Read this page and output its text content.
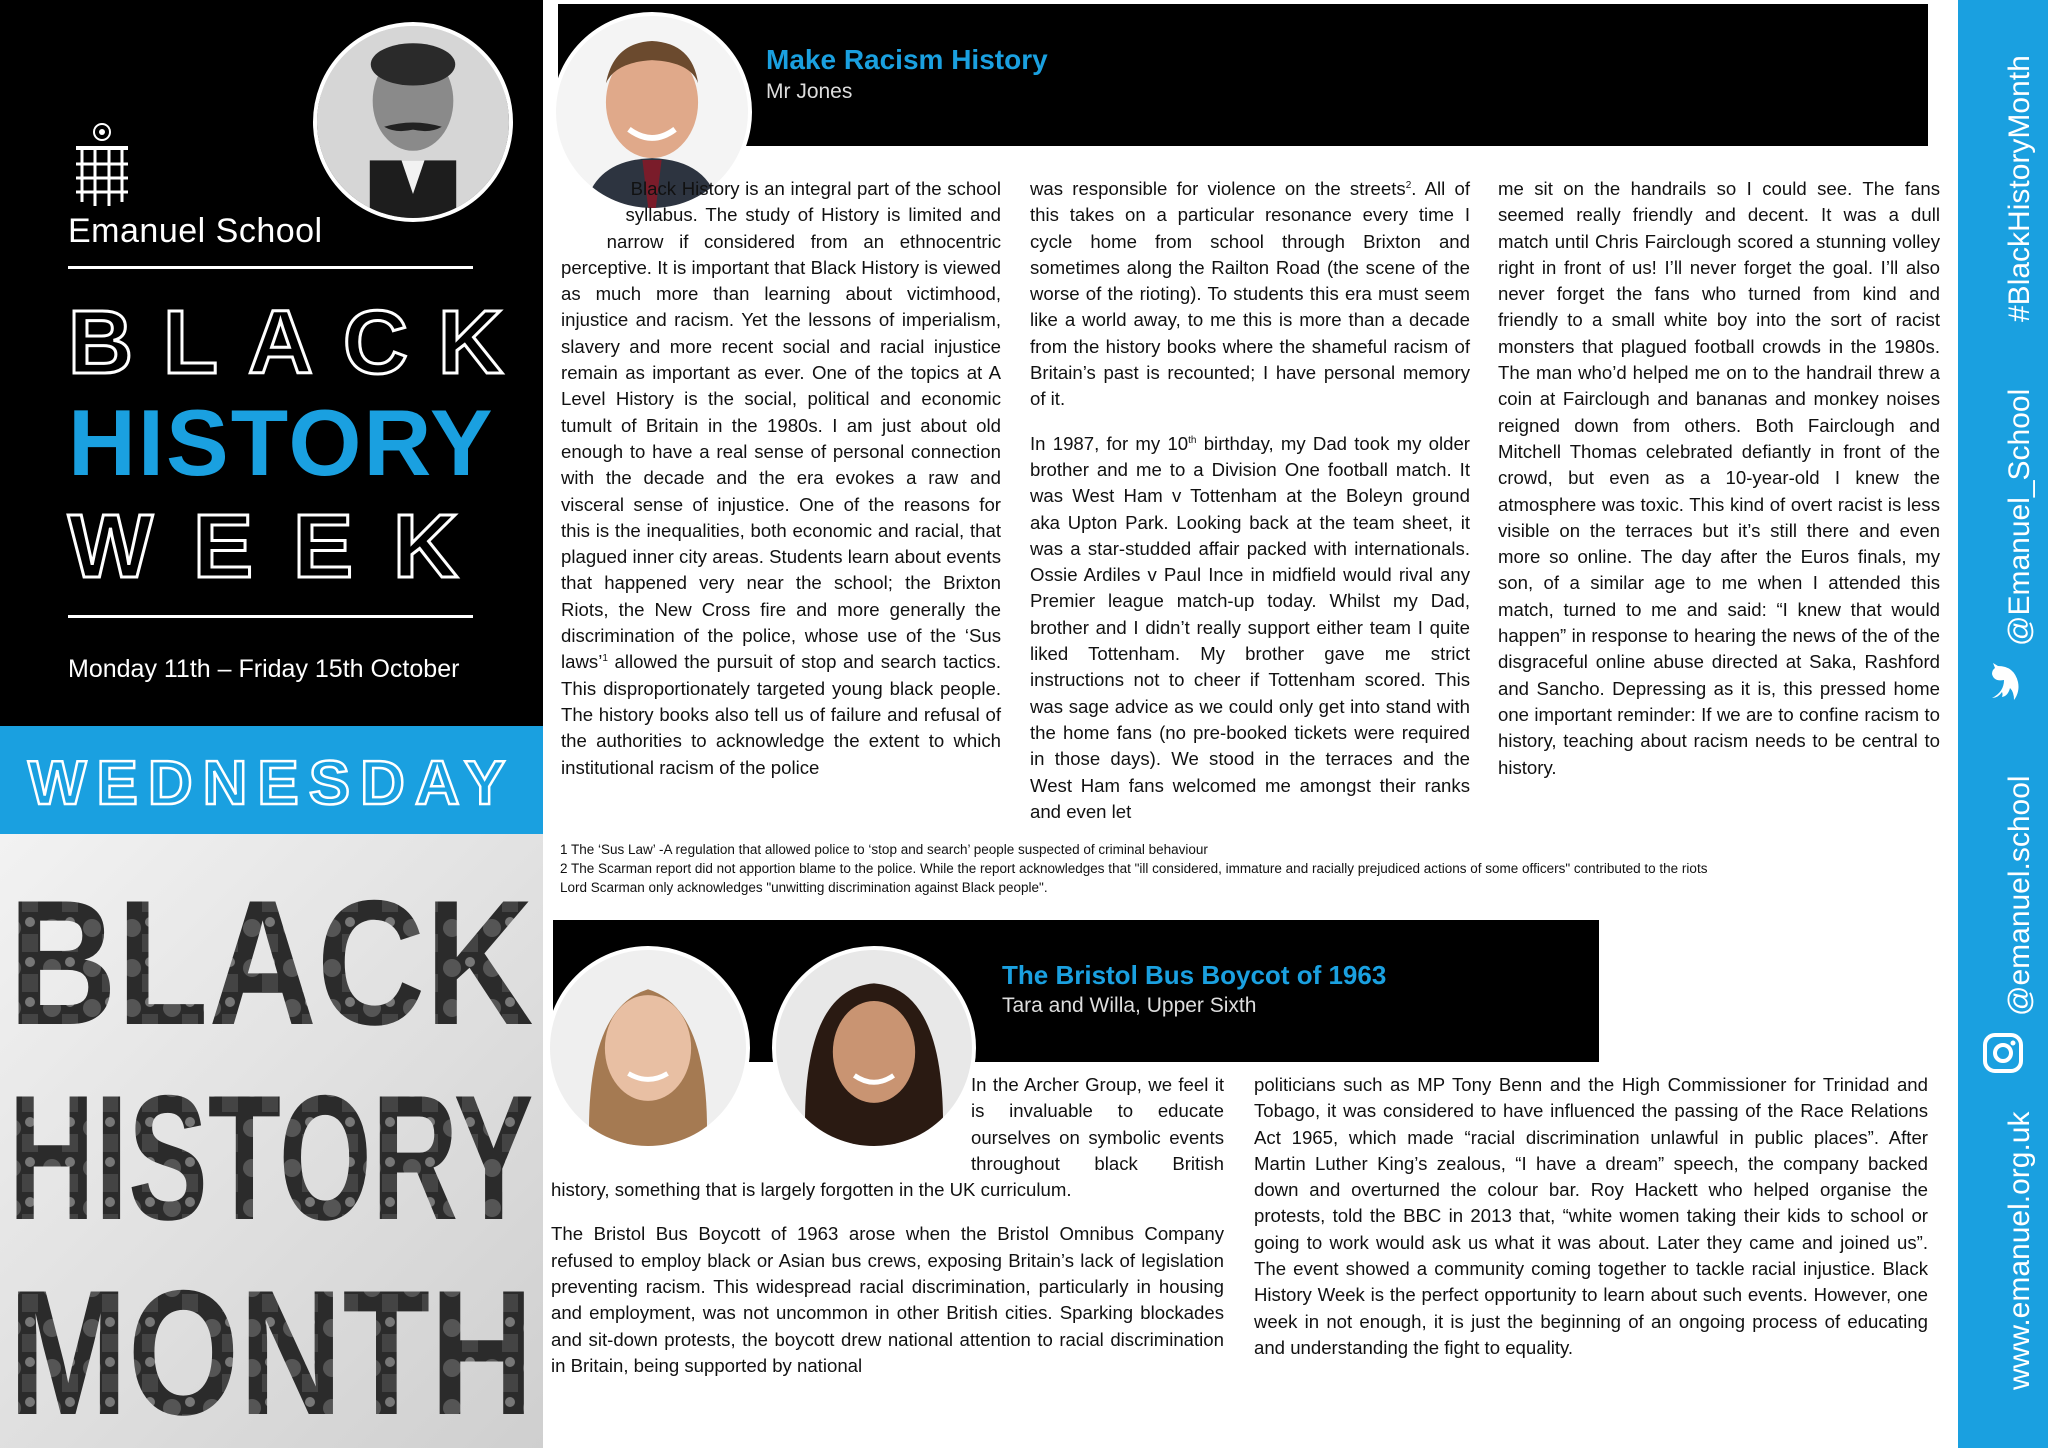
Emanuel School
BLACK
HISTORY
WEEK
Monday 11th – Friday 15th October
WEDNESDAY
BLACK
HISTORY
MONTH
Make Racism History
Mr Jones
Black History is an integral part of the school syllabus. The study of History is limited and narrow if considered from an ethnocentric perceptive. It is important that Black History is viewed as much more than learning about victimhood, injustice and racism. Yet the lessons of imperialism, slavery and more recent social and racial injustice remain as important as ever. One of the topics at A Level History is the social, political and economic tumult of Britain in the 1980s. I am just about old enough to have a real sense of personal connection with the decade and the era evokes a raw and visceral sense of injustice. One of the reasons for this is the inequalities, both economic and racial, that plagued inner city areas. Students learn about events that happened very near the school; the Brixton Riots, the New Cross fire and more generally the discrimination of the police, whose use of the ‘Sus laws’$^1$ allowed the pursuit of stop and search tactics. This disproportionately targeted young black people. The history books also tell us of failure and refusal of the authorities to acknowledge the extent to which institutional racism of the police

was responsible for violence on the streets$^2$. All of this takes on a particular resonance every time I cycle home from school through Brixton and sometimes along the Railton Road (the scene of the worse of the rioting). To students this era must seem like a world away, to me this is more than a decade from the history books where the shameful racism of Britain’s past is recounted; I have personal memory of it.

In 1987, for my 10th birthday, my Dad took my older brother and me to a Division One football match. It was West Ham v Tottenham at the Boleyn ground aka Upton Park. Looking back at the team sheet, it was a star-studded affair packed with internationals. Ossie Ardiles v Paul Ince in midfield would rival any Premier league match-up today. Whilst my Dad, brother and I didn’t really support either team I quite liked Tottenham. My brother gave me strict instructions not to cheer if Tottenham scored. This was sage advice as we could only get into stand with the home fans (no pre-booked tickets were required in those days). We stood in the terraces and the West Ham fans welcomed me amongst their ranks and even let

me sit on the handrails so I could see. The fans seemed really friendly and decent. It was a dull match until Chris Fairclough scored a stunning volley right in front of us! I’ll never forget the goal. I’ll also never forget the fans who turned from kind and friendly to a small white boy into the sort of racist monsters that plagued football crowds in the 1980s. The man who’d helped me on to the handrail threw a coin at Fairclough and bananas and monkey noises reigned down from others. Both Fairclough and Mitchell Thomas celebrated defiantly in front of the crowd, but even as a 10-year-old I knew the atmosphere was toxic. This kind of overt racist is less visible on the terraces but it’s still there and even more so online. The day after the Euros finals, my son, of a similar age to me when I attended this match, turned to me and said: “I knew that would happen” in response to hearing the news of the of the disgraceful online abuse directed at Saka, Rashford and Sancho. Depressing as it is, this pressed home one important reminder: If we are to confine racism to history, teaching about racism needs to be central to history.
1 The ‘Sus Law’ -A regulation that allowed police to ‘stop and search’ people suspected of criminal behaviour
2 The Scarman report did not apportion blame to the police. While the report acknowledges that "ill considered, immature and racially prejudiced actions of some officers" contributed to the riots
Lord Scarman only acknowledges "unwitting discrimination against Black people".
The Bristol Bus Boycot of 1963
Tara and Willa, Upper Sixth

In the Archer Group, we feel it is invaluable to educate ourselves on symbolic events throughout black British history, something that is largely forgotten in the UK curriculum.

The Bristol Bus Boycott of 1963 arose when the Bristol Omnibus Company refused to employ black or Asian bus crews, exposing Britain’s lack of legislation preventing racism. This widespread racial discrimination, particularly in housing and employment, was not uncommon in other British cities. Sparking blockades and sit-down protests, the boycott drew national attention to racial discrimination in Britain, being supported by national

politicians such as MP Tony Benn and the High Commissioner for Trinidad and Tobago, it was considered to have influenced the passing of the Race Relations Act 1965, which made “racial discrimination unlawful in public places”. After Martin Luther King’s zealous, “I have a dream” speech, the company backed down and overturned the colour bar. Roy Hackett who helped organise the protests, told the BBC in 2013 that, “white women taking their kids to school or going to work would ask us what it was about. Later they came and joined us”. The event showed a community coming together to tackle racial injustice. Black History Week is the perfect opportunity to learn about such events. However, one week in not enough, it is just the beginning of an ongoing process of educating and understanding the fight to equality.
#BlackHistoryMonth
@Emanuel_School
@emanuel.school
www.emanuel.org.uk
